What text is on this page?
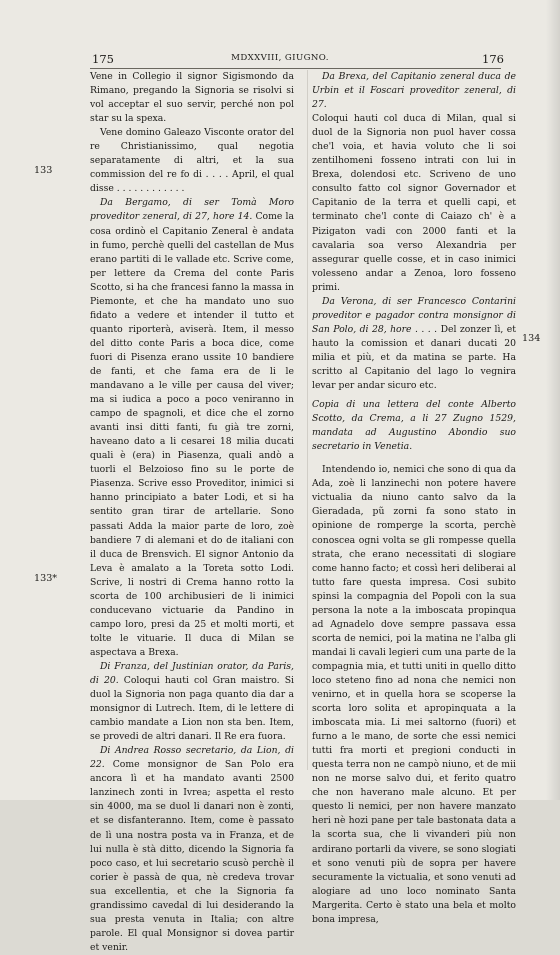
175	MDXXVIII, GIUGNO.	176
133
133*
134

Vene in Collegio il signor Sigismondo da Rimano, pregando la Signoria se risolvi si vol acceptar el suo servir, perché non pol star su la spexa.

Vene domino Galeazo Visconte orator del re Christianissimo, qual negotia separatamente di altri, et la sua commission del re fo di . . . . April, el qual disse . . . . . . . . . . . .

Da Bergamo, di ser Tomà Moro proveditor zeneral, di 27, hore 14. Come la cosa ordinò el Capitanio Zeneral è andata in fumo, perchè quelli del castellan de Mus erano partiti di le vallade etc. Scrive come, per lettere da Crema del conte Paris Scotto, si ha che francesi fanno la massa in Piemonte, et che ha mandato uno suo fidato a vedere et intender il tutto et quanto riporterà, aviserà. Item, il messo del ditto conte Paris a boca dice, come fuori di Pisenza erano ussite 10 bandiere de fanti, et che fama era de li le mandavano a le ville per causa del viver; ma si iudica a poco a poco veniranno in campo de spagnoli, et dice che el zorno avanti insi ditti fanti, fu già tre zorni, haveano dato a li cesarei 18 milia ducati quali è (era) in Piasenza, quali andò a tuorli el Belzoioso fino su le porte de Piasenza. Scrive esso Proveditor, inimici si hanno principiato a bater Lodi, et si ha sentito gran tirar de artellarie. Sono passati Adda la maior parte de loro, zoè bandiere 7 di alemani et do de italiani con il duca de Brensvich. El signor Antonio da Leva è amalato a la Toreta sotto Lodi. Scrive, li nostri di Crema hanno rotto la scorta de 100 archibusieri de li inimici conducevano victuarie da Pandino in campo loro, presi da 25 et molti morti, et tolte le vituarie. Il duca di Milan se aspectava a Brexa.

Di Franza, del Justinian orator, da Paris, di 20. Coloqui hauti col Gran maistro. Si duol la Signoria non paga quanto dia dar a monsignor di Lutrech. Item, di le lettere di cambio mandate a Lion non sta ben. Item, se provedi de altri danari. Il Re era fuora.

Di Andrea Rosso secretario, da Lion, di 22. Come monsignor de San Polo era ancora lì et ha mandato avanti 2500 lanzinech zonti in Ivrea; aspetta el resto sin 4000, ma se duol li danari non è zonti, et se disfanteranno. Item, come è passato de lì una nostra posta va in Franza, et de lui nulla è stà ditto, dicendo la Signoria fa poco caso, et lui secretario scusò perchè il corier è passà de qua, nè credeva trovar sua excellentia, et che la Signoria fa grandissimo cavedal di lui desiderando la sua presta venuta in Italia; con altre parole. El qual Monsignor si dovea partir et venir.

Da Brexa, del Capitanio zeneral duca de Urbin et il Foscari proveditor zeneral, di 27.

Coloqui hauti col duca di Milan, qual si duol de la Signoria non puol haver cossa che'l voia, et havia voluto che li soi zentilhomeni fosseno intrati con lui in Brexa, dolendosi etc. Scriveno de uno consulto fatto col signor Governador et Capitanio de la terra et quelli capi, et terminato che'l conte di Caiazo ch' è a Pizigaton vadi con 2000 fanti et la cavalaria soa verso Alexandria per assegurar quelle cosse, et in caso inimici volesseno andar a Zenoa, loro fosseno primi.

Da Verona, di ser Francesco Contarini proveditor e pagador contra monsignor di San Polo, di 28, hore . . . . Del zonzer lì, et hauto la comission et danari ducati 20 milia et più, et da matina se parte. Ha scritto al Capitanio del lago lo vegnira levar per andar sicuro etc.

Copia di una lettera del conte Alberto Scotto, da Crema, a li 27 Zugno 1529, mandata ad Augustino Abondio suo secretario in Venetia.

Intendendo io, nemici che sono di qua da Ada, zoè li lanzinechi non potere havere victualia da niuno canto salvo da la Gieradada, pũ zorni fa sono stato in opinione de romperge la scorta, perchè conoscea ogni volta se gli rompesse quella strata, che erano necessitati di slogiare come hanno facto; et cossì heri deliberai al tutto fare questa impresa. Cosi subito spinsi la compagnia del Popoli con la sua persona la note a la imboscata propinqua ad Agnadelo dove sempre passava essa scorta de nemici, poi la matina ne l'alba gli mandai li cavali legieri cum una parte de la compagnia mia, et tutti uniti in quello ditto loco steteno fino ad nona che nemici non venirno, et in quella hora se scoperse la scorta loro solita et apropinquata a la imboscata mia. Li mei saltorno (fuori) et furno a le mano, de sorte che essi nemici tutti fra morti et pregioni conducti in questa terra non ne campò niuno, et de mii non ne morse salvo dui, et ferito quatro che non haverano male alcuno. Et per questo li nemici, per non havere manzato heri nè hozi pane per tale bastonata data a la scorta sua, che li vivanderi più non ardirano portarli da vivere, se sono slogiati et sono venuti più de sopra per havere securamente la victualia, et sono venuti ad alogiare ad uno loco nominato Santa Margerita. Certo è stato una bela et molto bona impresa,
